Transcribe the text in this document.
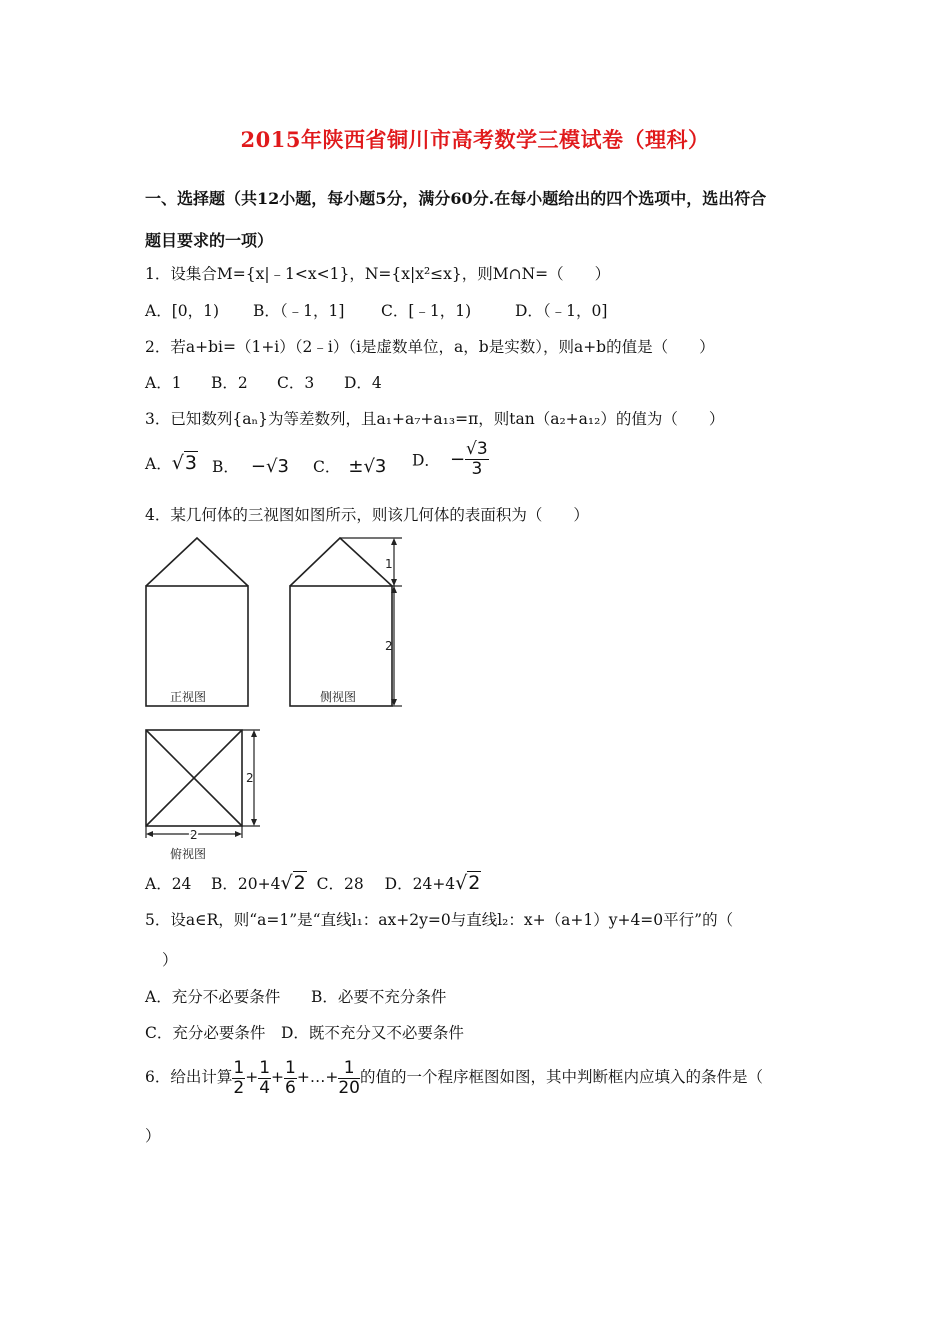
2015年陕西省铜川市高考数学三模试卷（理科）
一、选择题（共12小题，每小题5分，满分60分.在每小题给出的四个选项中，选出符合
题目要求的一项）
1．设集合M={x|﹣1<x<1}，N={x|x²≤x}，则M∩N=（　　）
A．[0，1) B．（﹣1，1] C．[﹣1，1)	D．（﹣1，0]
2．若a+bi=（1+i）（2﹣i）（i是虚数单位，a，b是实数），则a+b的值是（　　）
A．1 B．2 C．3 D．4
3．已知数列{aₙ}为等差数列，且a₁+a₇+a₁₃=π，则tan（a₂+a₁₂）的值为（　　）
A．√3 B． −√3 C． ±√3 D． − $\frac{√3}{3}$
4．某几何体的三视图如图所示，则该几何体的表面积为（　　）
正视图
1
2
侧视图
2
2
俯视图
A．24 B．20+4√2 C．28 D．24+4√2
5．设a∈R，则“a=1”是“直线l₁：ax+2y=0与直线l₂：x+（a+1）y+4=0平行”的（
）
A．充分不必要条件 B．必要不充分条件
C．充分必要条件 D．既不充分又不必要条件
6．给出计算 $\frac{1}{2} + \frac{1}{4} + \frac{1}{6}$ +…+ $\frac{1}{20}$ 的值的一个程序框图如图，其中判断框内应填入的条件是（
）
